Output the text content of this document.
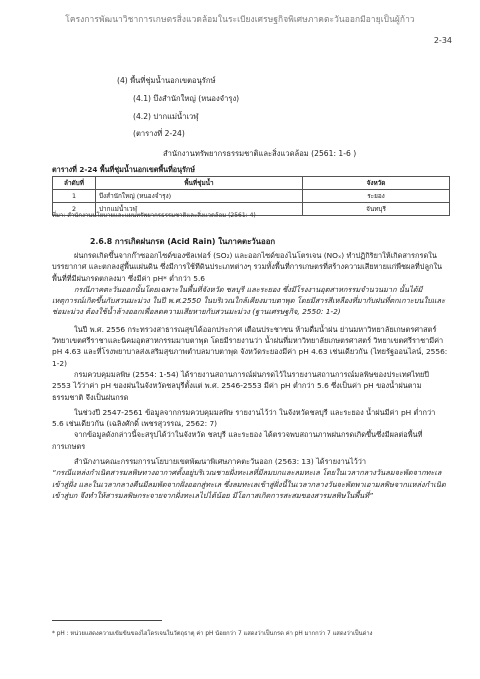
โครงการพัฒนาวิชาการเกษตรสิ่งแวดล้อมในระเบียงเศรษฐกิจพิเศษภาคตะวันออกมีอายุเป็นผู้ก้าว
2-34
(4) พื้นที่ชุ่มน้ำนอกเขตอนุรักษ์
(4.1) บึงสำนักใหญ่ (หนองจำรุง)
(4.2) ปากแม่น้ำเวฬุ
(ตารางที่ 2-24)
สำนักงานทรัพยากรธรรมชาติและสิ่งแวดล้อม (2561: 1-6 )
ตารางที่ 2-24 พื้นที่ชุ่มน้ำนอกเขตพื้นที่อนุรักษ์
ลำดับที่	พื้นที่ชุ่มน้ำ	จังหวัด
1	บึงสำนักใหญ่ (หนองจำรุง)	ระยอง
2	ปากแม่น้ำเวฬุ	จันทบุรี
ที่มา: สำนักงานนโยบายและแผนทรัพยากรธรรมชาติและสิ่งแวดล้อม (2561: 4)
2.6.8 การเกิดฝนกรด (Acid Rain) ในภาคตะวันออก

ฝนกรดเกิดขึ้นจากก๊าซออกไซด์ของซัลเฟอร์ (SO₂) และออกไซด์ของไนโตรเจน (NOₓ) ทำปฏิกิริยาให้เกิดสารกรดในบรรยากาศ และตกลงสู่พื้นแผ่นดิน ซึ่งมีการใช้ทีดินประเภทต่างๆ รวมทั้งพื้นที่การเกษตรที่สร้างความเสียหายแก่พืชผลที่ปลูกในพื้นที่ที่มีฝนกรดตกลงมา ซึ่งมีค่า pH* ต่ำกว่า 5.6

กรณีภาคตะวันออกนั้นโดยเฉพาะในพื้นที่จังหวัด ชลบุรี และระยอง ซึ่งมีโรงงานอุตสาหกรรมจำนวนมาก นั้นได้มีเหตุการณ์เกิดขึ้นกับสวนมะม่วง ในปี พ.ศ.2550 ในบริเวณใกล้เคียงมาบตาพุด โดยมีสารสีเหลืองที่มากับฝนที่ตกเกาะบนใบและช่อมะม่วง ต้องใช้น้ำล้างออกเพื่อลดความเสียหายกับสวนมะม่วง (ฐานเศรษฐกิจ, 2550: 1-2)

ในปี พ.ศ. 2556 กระทรวงสาธารณสุขได้ออกประกาศ เตือนประชาชน ห้ามดื่มน้ำฝน ย่านมหาวิทยาลัยเกษตรศาสตร์ วิทยาเขตศรีราชาและนิคมอุตสาหกรรมมาบตาพุด โดยมีรายงานว่า น้ำฝนที่มหาวิทยาลัยเกษตรศาสตร์ วิทยาเขตศรีราชามีค่า pH 4.63 และที่โรงพยาบาลส่งเสริมสุขภาพตำบลมาบตาพุด จังหวัดระยองมีค่า pH 4.63 เช่นเดียวกัน (ไทยรัฐออนไลน์, 2556: 1-2)

กรมควบคุมมลพิษ (2554: 1-54) ได้รายงานสถานการณ์ฝนกรดไว้ในรายงานสถานการณ์มลพิษของประเทศไทยปี 2553 ไว้ว่าค่า pH ของฝนในจังหวัดชลบุรีตั้งแต่ พ.ศ. 2546-2553 มีค่า pH ต่ำกว่า 5.6 ซึ่งเป็นค่า pH ของน้ำฝนตามธรรมชาติ จึงเป็นฝนกรด

ในช่วงปี 2547-2561 ข้อมูลจากกรมควบคุมมลพิษ รายงานไว้ว่า ในจังหวัดชลบุรี และระยอง น้ำฝนมีค่า pH ต่ำกว่า 5.6 เช่นเดียวกัน (เฉลิงศักดิ์ เพชรสุวรรณ, 2562: 7)

จากข้อมูลดังกล่าวนี้จะสรุปได้ว่าในจังหวัด ชลบุรี และระยอง ได้ตรวจพบสถานภาพฝนกรดเกิดขึ้นซึ่งมีผลต่อพื้นที่การเกษตร

สำนักงานคณะกรรมการนโยบายเขตพัฒนาพิเศษภาคตะวันออก (2563: 13) ได้รายงานไว้ว่า

“กรณีแหล่งกำเนิดสารมลพิษทางอากาศตั้งอยู่บริเวณชายฝั่งทะเลที่มีลมบกและลมทะเล โดยในเวลากลางวันลมจะพัดจากทะเลเข้าสู่ฝั่ง และในเวลากลางคืนมีลมพัดจากฝั่งออกสู่ทะเล ซึ่งลมทะเลเข้าสู่ฝั่งนี้ในเวลากลางวันจะพัดพาเอามลพิษจากแหล่งกำเนิดเข้าสู่บก จึงทำให้สารมลพิษกระจายจากฝั่งทะเลไปได้น้อย มีโอกาสเกิดการสะสมของสารมลพิษในพื้นที่”

* pH : หน่วยแสดงความเข้มข้นของไฮโดรเจนในวัตถุธาตุ ค่า pH น้อยกว่า 7 แสดงว่าเป็นกรด ค่า pH มากกว่า 7 แสดงว่าเป็นด่าง
